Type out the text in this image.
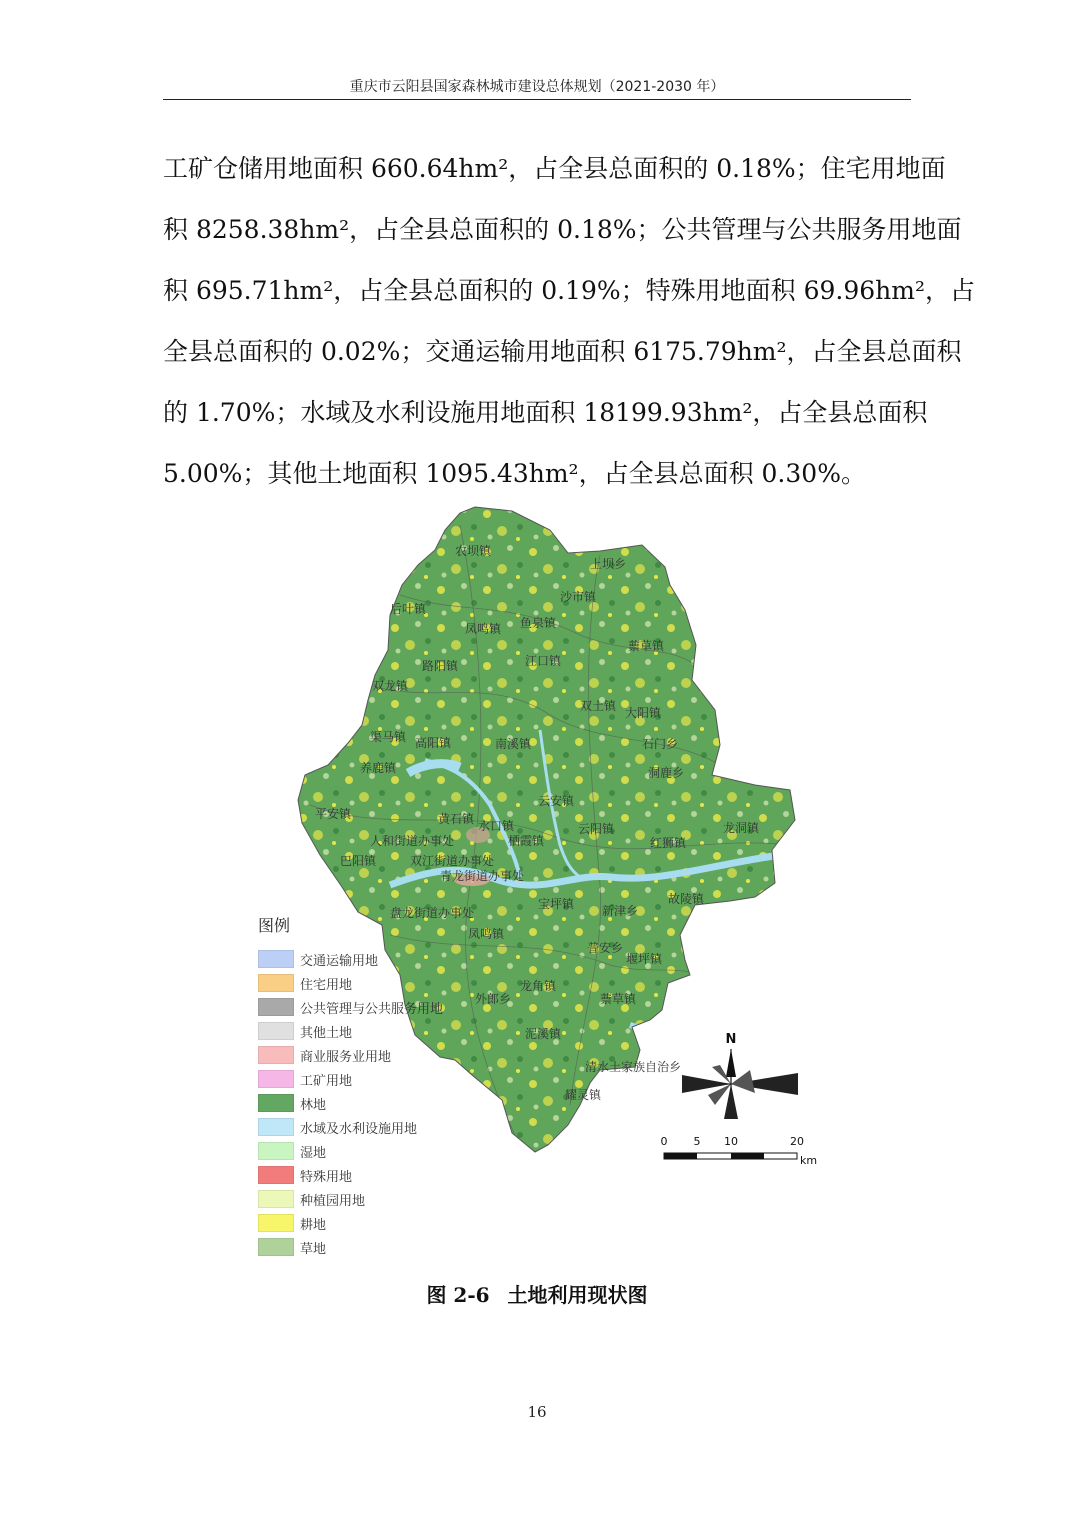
重庆市云阳县国家森林城市建设总体规划（2021-2030 年）

工矿仓储用地面积 660.64hm²，占全县总面积的 0.18%；住宅用地面

积 8258.38hm²，占全县总面积的 0.18%；公共管理与公共服务用地面

积 695.71hm²，占全县总面积的 0.19%；特殊用地面积 69.96hm²，占

全县总面积的 0.02%；交通运输用地面积 6175.79hm²，占全县总面积

的 1.70%；水域及水利设施用地面积 18199.93hm²，占全县总面积

5.00%；其他土地面积 1095.43hm²，占全县总面积 0.30%。

农坝镇
上坝乡
沙市镇
后叶镇
鱼泉镇
凤鸣镇
江口镇
蔈草镇
路阳镇
双龙镇
双土镇 大阳镇
渠马镇 高阳镇	南溪镇	石门乡
养鹿镇	洞鹿乡
云安镇
平安镇	黄石镇 水口镇	云阳镇	龙洞镇
人和街道办事处	红狮镇
栖霞镇
巴阳镇	双江街道办事处
青龙街道办事处
宝坪镇 新津乡
故陵镇
盘龙街道办事处
凤鸣镇
普安乡
堰坪镇
外郎乡
龙角镇
蔈草镇
泥溪镇
清水土家族自治乡
耀灵镇
N
0 5 10	20
km
图例
交通运输用地
住宅用地
公共管理与公共服务用地
其他土地
商业服务业用地
工矿用地
林地
水域及水利设施用地
湿地
特殊用地
种植园用地
耕地
草地
图 2-6 土地利用现状图
16
